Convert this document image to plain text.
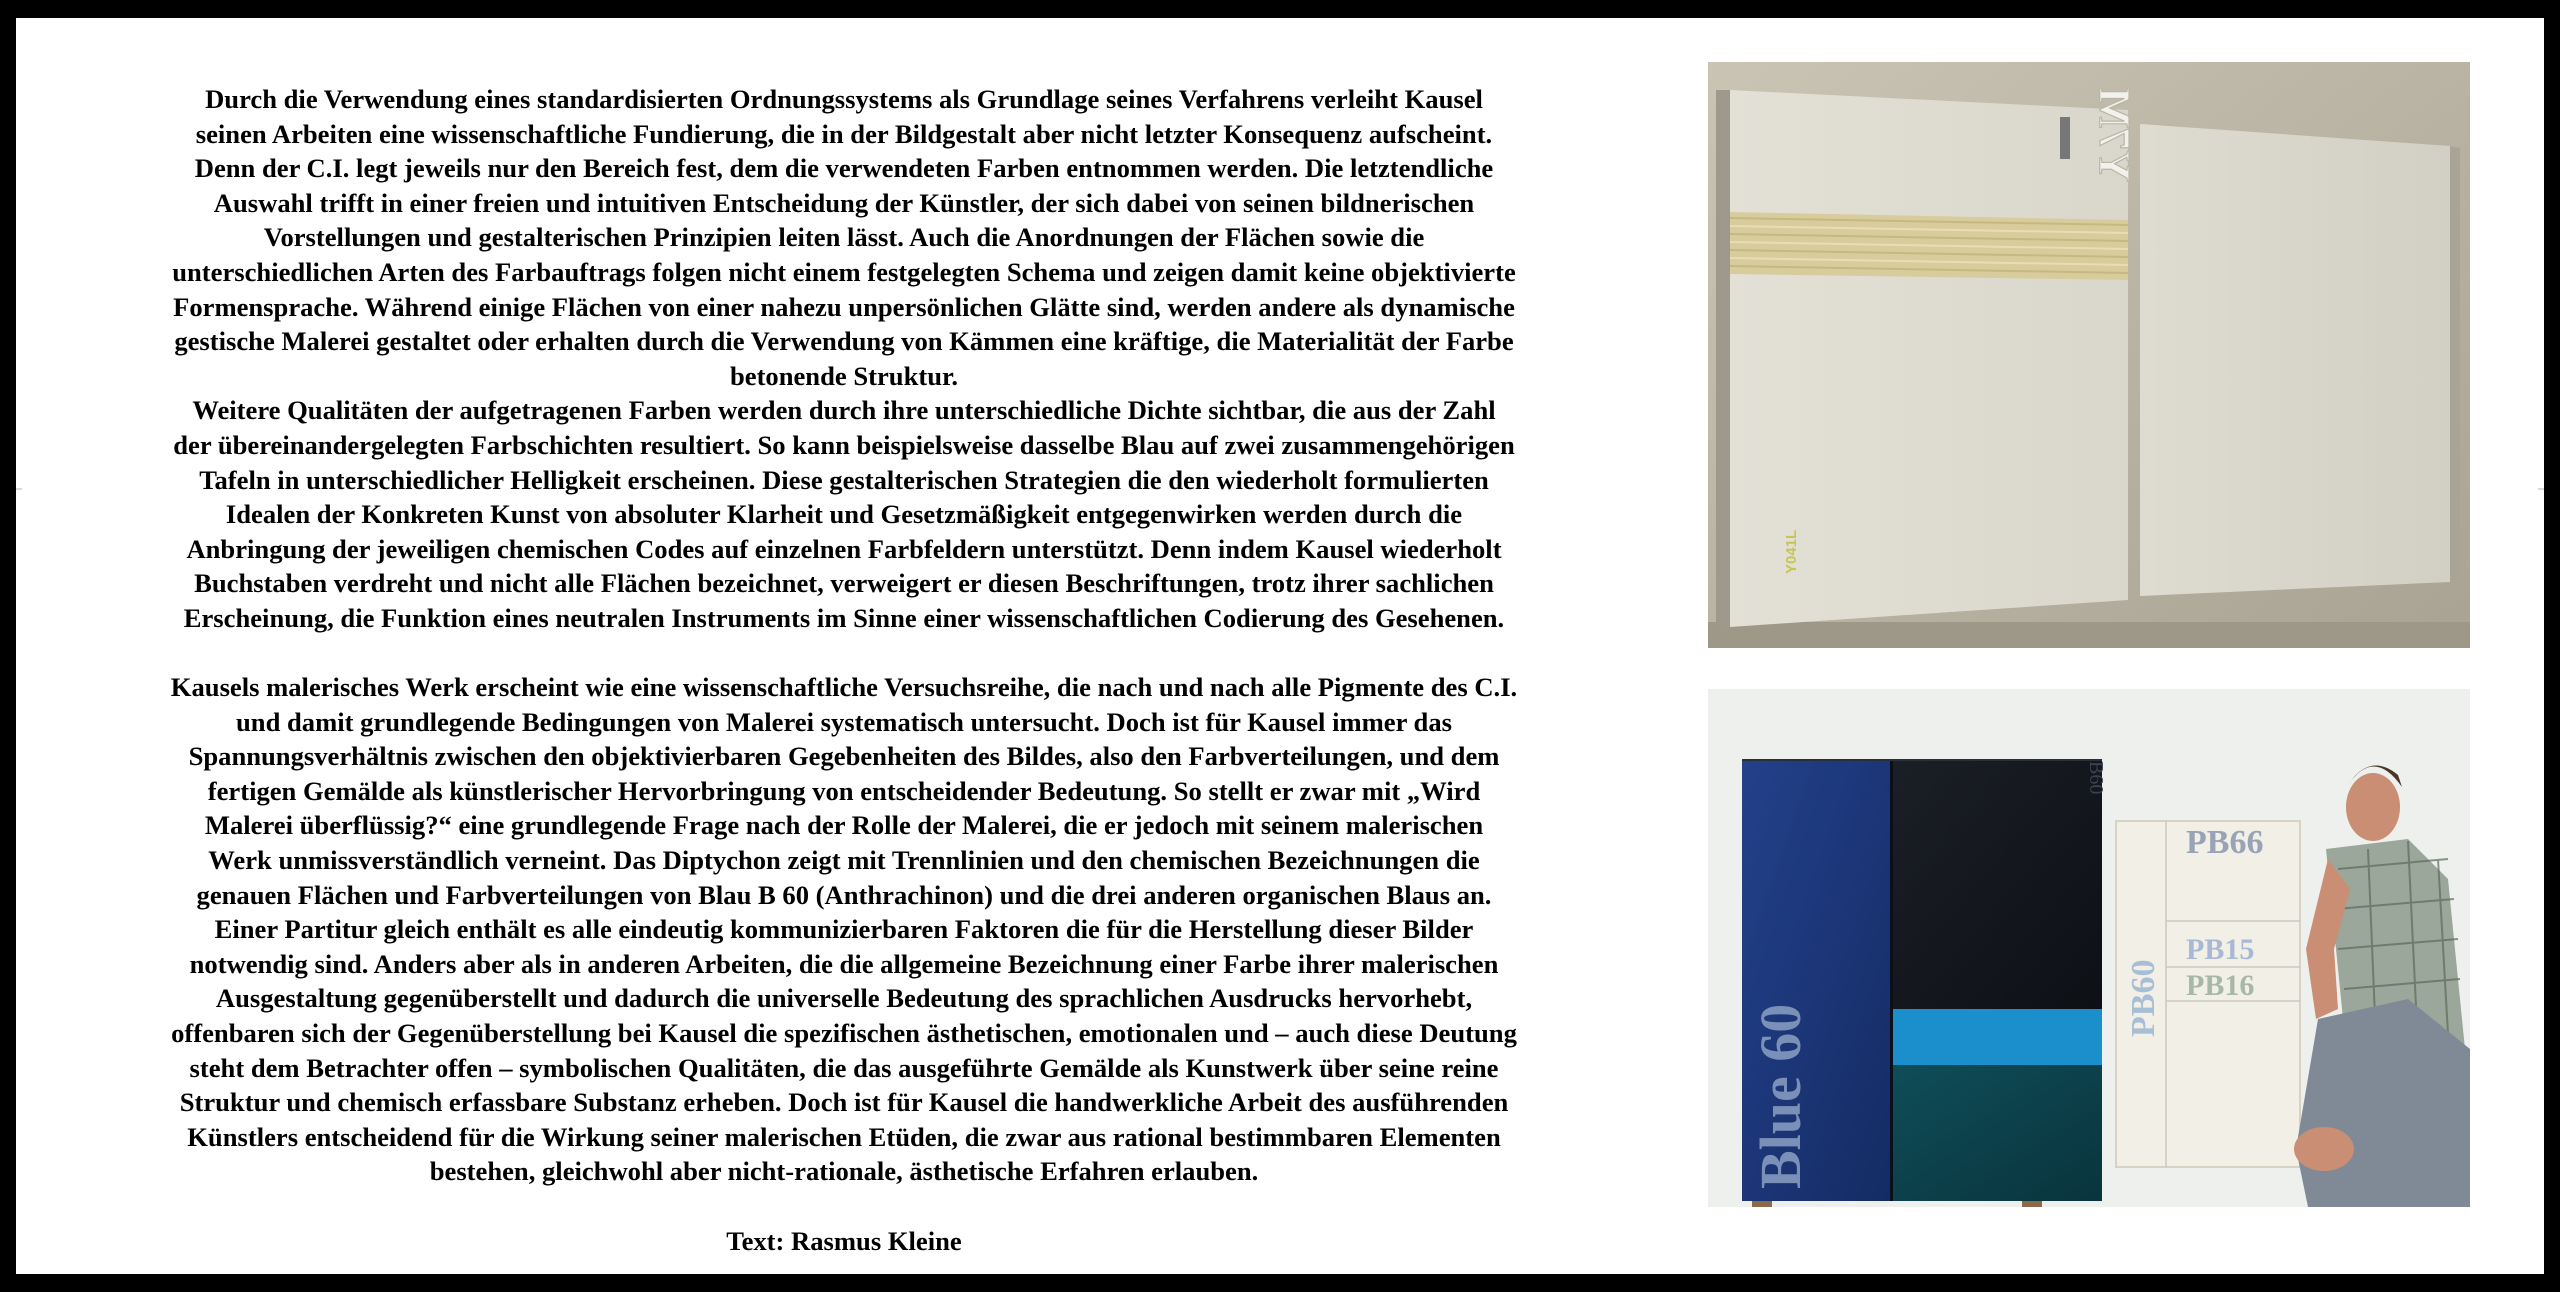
Durch die Verwendung eines standardisierten Ordnungssystems als Grundlage seines Verfahrens verleiht Kausel
seinen Arbeiten eine wissenschaftliche Fundierung, die in der Bildgestalt aber nicht letzter Konsequenz aufscheint.
Denn der C.I. legt jeweils nur den Bereich fest, dem die verwendeten Farben entnommen werden. Die letztendliche
Auswahl trifft in einer freien und intuitiven Entscheidung der Künstler, der sich dabei von seinen bildnerischen
Vorstellungen und gestalterischen Prinzipien leiten lässt. Auch die Anordnungen der Flächen sowie die
unterschiedlichen Arten des Farbauftrags folgen nicht einem festgelegten Schema und zeigen damit keine objektivierte
Formensprache. Während einige Flächen von einer nahezu unpersönlichen Glätte sind, werden andere als dynamische
gestische Malerei gestaltet oder erhalten durch die Verwendung von Kämmen eine kräftige, die Materialität der Farbe
betonende Struktur.

Weitere Qualitäten der aufgetragenen Farben werden durch ihre unterschiedliche Dichte sichtbar, die aus der Zahl
der übereinandergelegten Farbschichten resultiert. So kann beispielsweise dasselbe Blau auf zwei zusammengehörigen
Tafeln in unterschiedlicher Helligkeit erscheinen. Diese gestalterischen Strategien die den wiederholt formulierten
Idealen der Konkreten Kunst von absoluter Klarheit und Gesetzmäßigkeit entgegenwirken werden durch die
Anbringung der jeweiligen chemischen Codes auf einzelnen Farbfeldern unterstützt. Denn indem Kausel wiederholt
Buchstaben verdreht und nicht alle Flächen bezeichnet, verweigert er diesen Beschriftungen, trotz ihrer sachlichen
Erscheinung, die Funktion eines neutralen Instruments im Sinne einer wissenschaftlichen Codierung des Gesehenen.

Kausels malerisches Werk erscheint wie eine wissenschaftliche Versuchsreihe, die nach und nach alle Pigmente des C.I.
und damit grundlegende Bedingungen von Malerei systematisch untersucht. Doch ist für Kausel immer das
Spannungsverhältnis zwischen den objektivierbaren Gegebenheiten des Bildes, also den Farbverteilungen, und dem
fertigen Gemälde als künstlerischer Hervorbringung von entscheidender Bedeutung. So stellt er zwar mit „Wird
Malerei überflüssig?“ eine grundlegende Frage nach der Rolle der Malerei, die er jedoch mit seinem malerischen
Werk unmissverständlich verneint. Das Diptychon zeigt mit Trennlinien und den chemischen Bezeichnungen die
genauen Flächen und Farbverteilungen von Blau B 60 (Anthrachinon) und die drei anderen organischen Blaus an.
Einer Partitur gleich enthält es alle eindeutig kommunizierbaren Faktoren die für die Herstellung dieser Bilder
notwendig sind. Anders aber als in anderen Arbeiten, die die allgemeine Bezeichnung einer Farbe ihrer malerischen
Ausgestaltung gegenüberstellt und dadurch die universelle Bedeutung des sprachlichen Ausdrucks hervorhebt,
offenbaren sich der Gegenüberstellung bei Kausel die spezifischen ästhetischen, emotionalen und – auch diese Deutung
steht dem Betrachter offen – symbolischen Qualitäten, die das ausgeführte Gemälde als Kunstwerk über seine reine
Struktur und chemisch erfassbare Substanz erheben. Doch ist für Kausel die handwerkliche Arbeit des ausführenden
Künstlers entscheidend für die Wirkung seiner malerischen Etüden, die zwar aus rational bestimmbaren Elementen
bestehen, gleichwohl aber nicht-rationale, ästhetische Erfahren erlauben.

Text: Rasmus Kleine

Y7M
Y041L
Blue 60
B60
PB66
PB15
PB16
PB60
